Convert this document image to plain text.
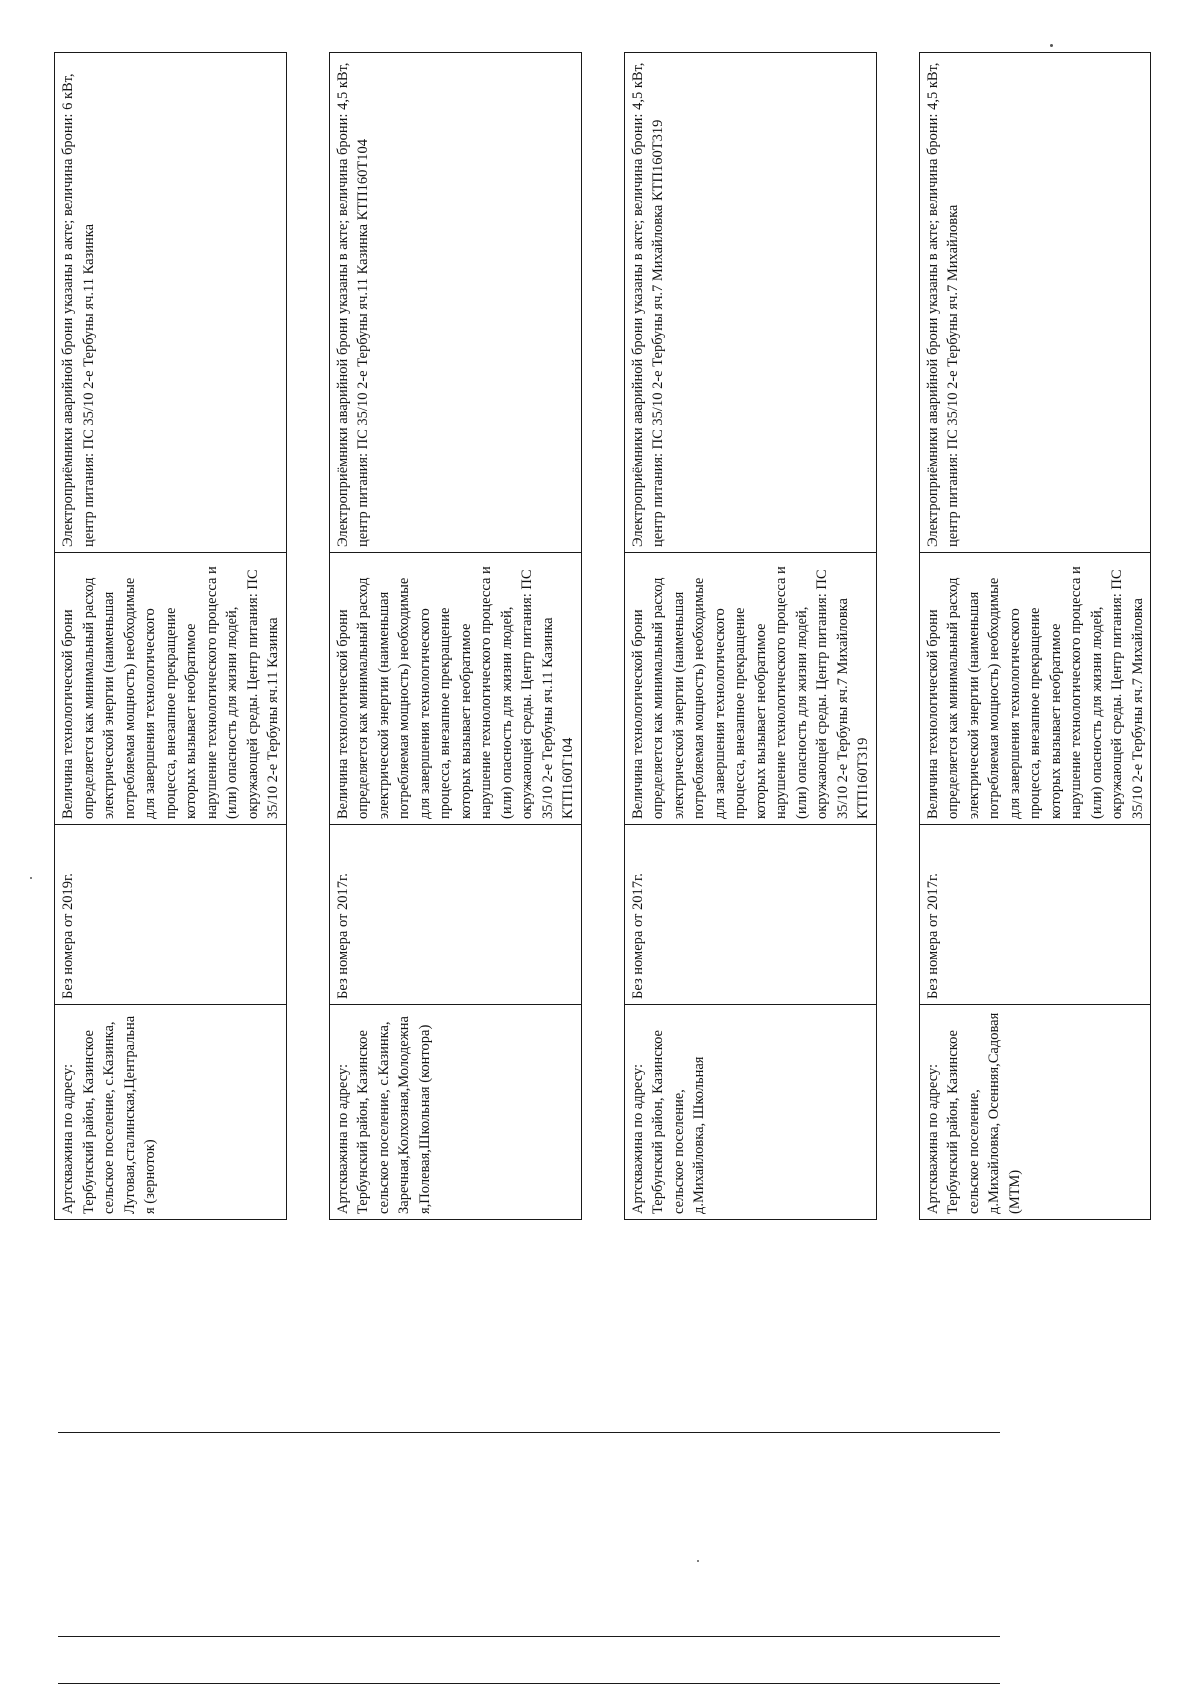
Артскважина по адресу: Тербунский район, Казинское сельское поселение, с.Казинка, Луговая,сталинская,Центральная (зерноток)	Без номера от 2019г.	Величина технологической брони определяется как минимальный расход электрической энергии (наименьшая потребляемая мощность) необходимые для завершения технологического процесса, внезапное прекращение которых вызывает необратимое нарушение технологического процесса и (или) опасность для жизни людей, окружающей среды. Центр питания: ПС 35/10 2-е Тербуны яч.11 Казинка	Электроприёмники аварийной брони указаны в акте; величина брони: 6 кВт, центр питания: ПС 35/10 2-е Тербуны яч.11 Казинка

Артскважина по адресу: Тербунский район, Казинское сельское поселение, с.Казинка, Заречная,Колхозная,Молодежная,Полевая,Школьная (контора)	Без номера от 2017г.	Величина технологической брони определяется как минимальный расход электрической энергии (наименьшая потребляемая мощность) необходимые для завершения технологического процесса, внезапное прекращение которых вызывает необратимое нарушение технологического процесса и (или) опасность для жизни людей, окружающей среды. Центр питания: ПС 35/10 2-е Тербуны яч.11 Казинка КТП160Т104	Электроприёмники аварийной брони указаны в акте; величина брони: 4,5 кВт, центр питания: ПС 35/10 2-е Тербуны яч.11 Казинка КТП160Т104

Артскважина по адресу: Тербунский район, Казинское сельское поселение, д.Михайловка, Школьная	Без номера от 2017г.	Величина технологической брони определяется как минимальный расход электрической энергии (наименьшая потребляемая мощность) необходимые для завершения технологического процесса, внезапное прекращение которых вызывает необратимое нарушение технологического процесса и (или) опасность для жизни людей, окружающей среды. Центр питания: ПС 35/10 2-е Тербуны яч.7 Михайловка КТП160Т319	Электроприёмники аварийной брони указаны в акте; величина брони: 4,5 кВт, центр питания: ПС 35/10 2-е Тербуны яч.7 Михайловка КТП160Т319

Артскважина по адресу: Тербунский район, Казинское сельское поселение, д.Михайловка, Осенняя,Садовая (МТМ)	Без номера от 2017г.	Величина технологической брони определяется как минимальный расход электрической энергии (наименьшая потребляемая мощность) необходимые для завершения технологического процесса, внезапное прекращение которых вызывает необратимое нарушение технологического процесса и (или) опасность для жизни людей, окружающей среды. Центр питания: ПС 35/10 2-е Тербуны яч.7 Михайловка	Электроприёмники аварийной брони указаны в акте; величина брони: 4,5 кВт, центр питания: ПС 35/10 2-е Тербуны яч.7 Михайловка
